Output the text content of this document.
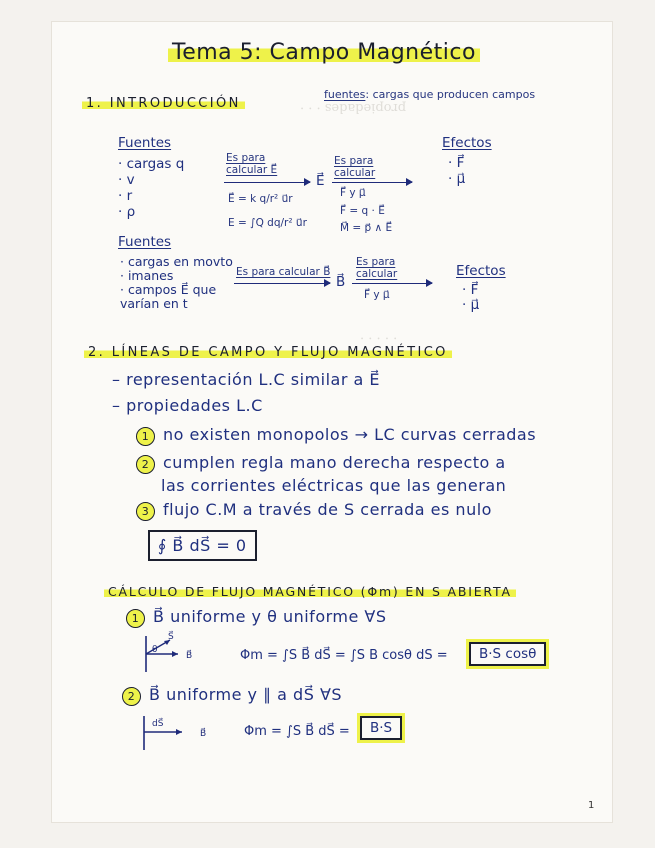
propiedades · · ·
· · · · ·
Tema 5: Campo Magnético
1. INTRODUCCIÓN
fuentes: cargas que producen campos
Fuentes
· cargas q
· v
· r
· ρ
Es para calcular E⃗
E⃗
E⃗ = k q/r² u⃗r
E = ∫Q dq/r² u⃗r
Es para calcular
F⃗ y μ⃗
F⃗ = q · E⃗
M⃗ = p⃗ ∧ E⃗
Efectos
· F⃗
· μ⃗
Fuentes
· cargas en movto
· imanes
· campos E⃗ que
varían en t
Es para calcular B⃗
B⃗
Es para calcular
F⃗ y μ⃗
Efectos
· F⃗
· μ⃗
2. LÍNEAS DE CAMPO Y FLUJO MAGNÉTICO
– representación L.C similar a E⃗
– propiedades L.C
1 no existen monopolos → LC curvas cerradas
2 cumplen regla mano derecha respecto a
las corrientes eléctricas que las generan
3 flujo C.M a través de S cerrada es nulo
∮ B⃗ dS⃗ = 0
CÁLCULO DE FLUJO MAGNÉTICO (Φm) EN S ABIERTA
1 B⃗ uniforme y θ uniforme ∀S
S⃗
θ
B⃗	Φm = ∫S B⃗ dS⃗ = ∫S B cosθ dS =	B·S cosθ
2 B⃗ uniforme y ∥ a dS⃗ ∀S
dS⃗
B⃗	Φm = ∫S B⃗ dS⃗ =	B·S
1
